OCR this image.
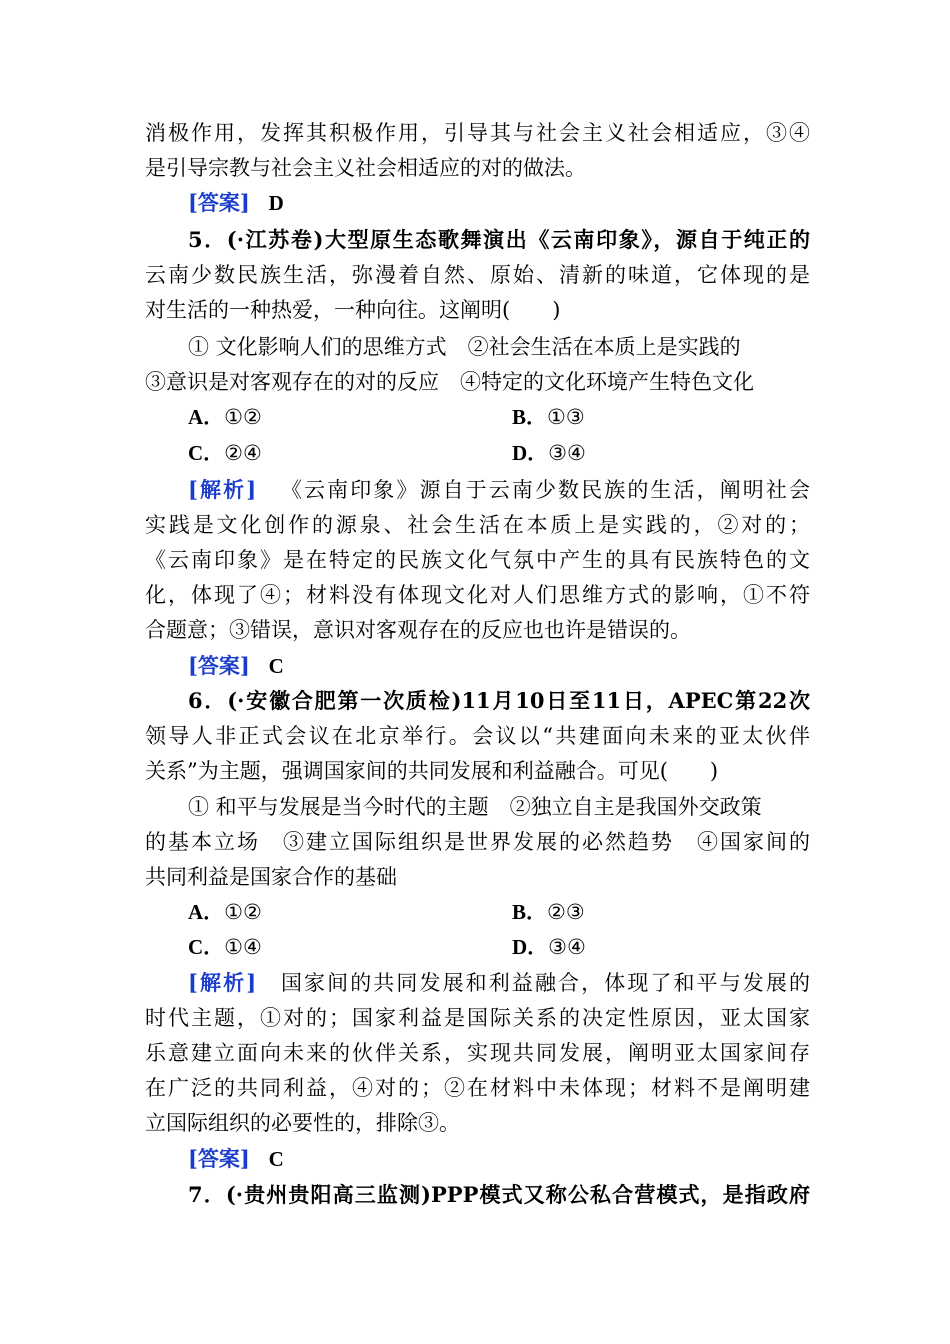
消极作用，发挥其积极作用，引导其与社会主义社会相适应，③④
是引导宗教与社会主义社会相适应的对的做法。
[答案] D
5．(·江苏卷)大型原生态歌舞演出《云南印象》，源自于纯正的
云南少数民族生活，弥漫着自然、原始、清新的味道，它体现的是
对生活的一种热爱，一种向往。这阐明(　　)
① 文化影响人们的思维方式　②社会生活在本质上是实践的
③意识是对客观存在的对的反应　④特定的文化环境产生特色文化
A．①②	B．①③
C．②④	D．③④
[解析] 《云南印象》源自于云南少数民族的生活，阐明社会
实践是文化创作的源泉、社会生活在本质上是实践的，②对的；
《云南印象》是在特定的民族文化气氛中产生的具有民族特色的文
化，体现了④；材料没有体现文化对人们思维方式的影响，①不符
合题意；③错误，意识对客观存在的反应也也许是错误的。
[答案] C
6．(·安徽合肥第一次质检)11月10日至11日，APEC第22次
领导人非正式会议在北京举行。会议以“共建面向未来的亚太伙伴
关系”为主题，强调国家间的共同发展和利益融合。可见(　　)
① 和平与发展是当今时代的主题　②独立自主是我国外交政策
的基本立场　③建立国际组织是世界发展的必然趋势　④国家间的
共同利益是国家合作的基础
A．①②	B．②③
C．①④	D．③④
[解析] 国家间的共同发展和利益融合，体现了和平与发展的
时代主题，①对的；国家利益是国际关系的决定性原因，亚太国家
乐意建立面向未来的伙伴关系，实现共同发展，阐明亚太国家间存
在广泛的共同利益，④对的；②在材料中未体现；材料不是阐明建
立国际组织的必要性的，排除③。
[答案] C
7．(·贵州贵阳高三监测)PPP模式又称公私合营模式，是指政府
